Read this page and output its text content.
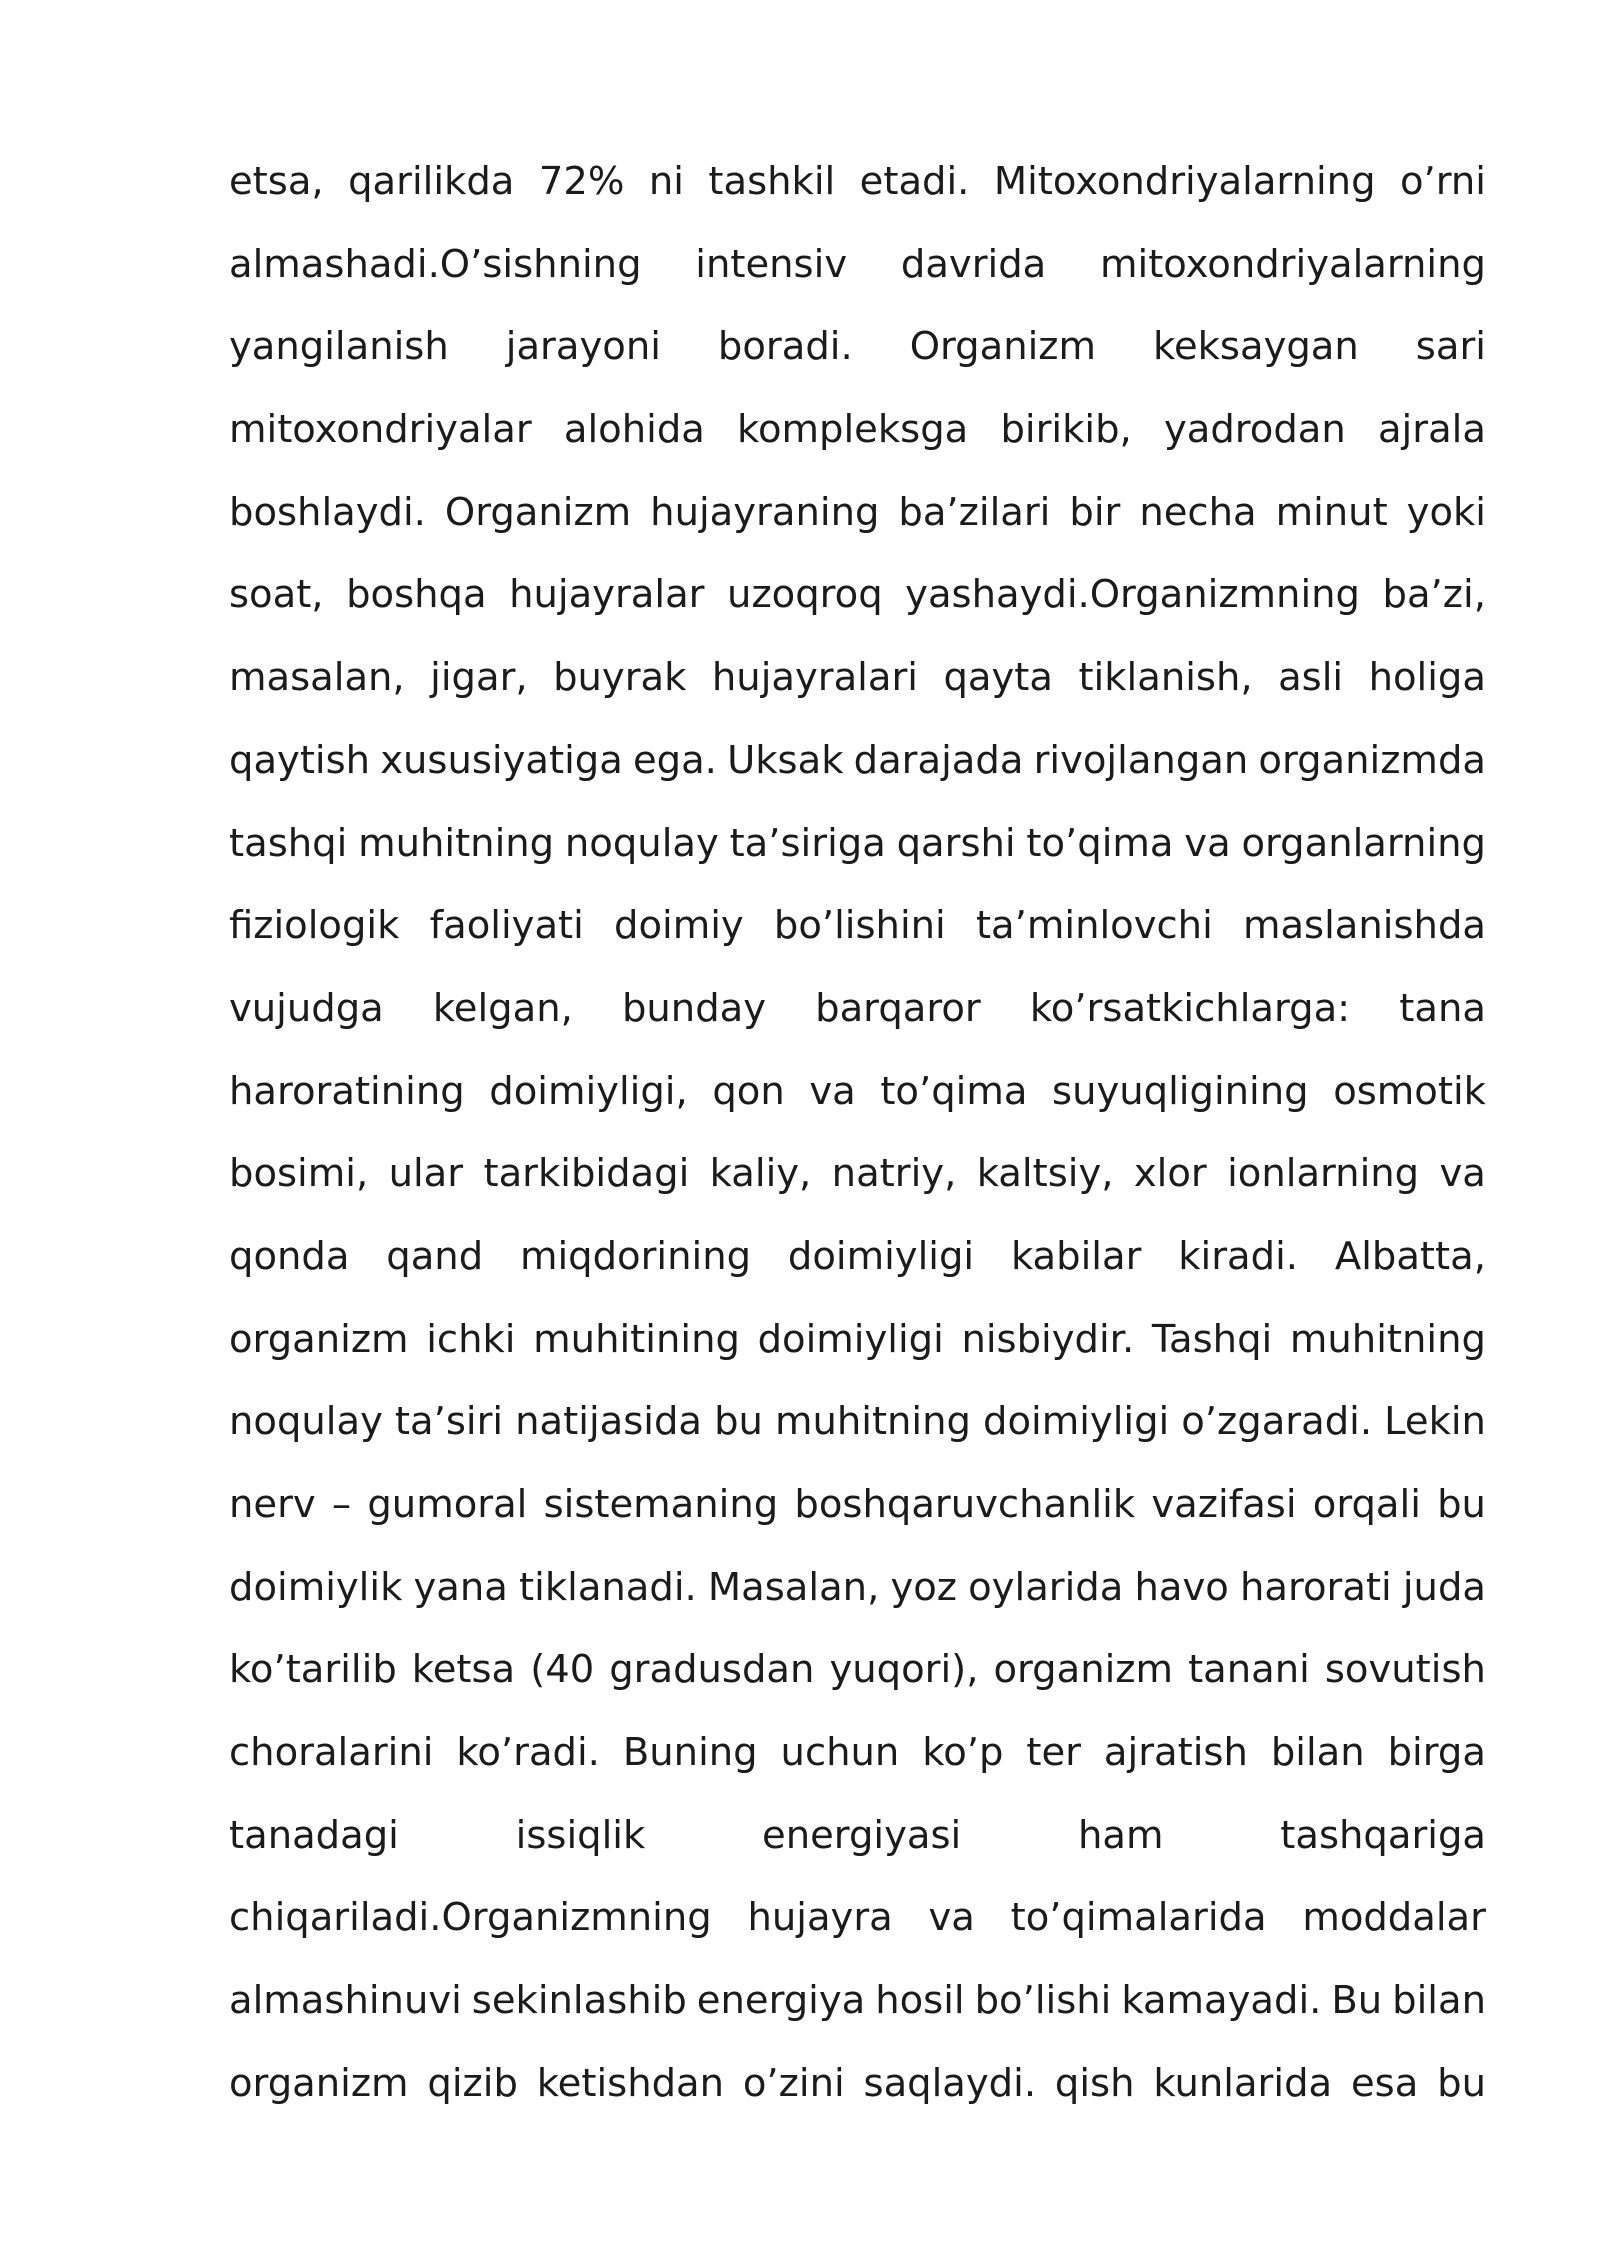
etsa, qarilikda 72% ni tashkil etadi. Mitoxondriyalarning o’rni
almashadi.O’sishning intensiv davrida mitoxondriyalarning
yangilanish jarayoni boradi. Organizm keksaygan sari
mitoxondriyalar alohida kompleksga birikib, yadrodan ajrala
boshlaydi. Organizm hujayraning ba’zilari bir necha minut yoki
soat, boshqa hujayralar uzoqroq yashaydi.Organizmning ba’zi,
masalan, jigar, buyrak hujayralari qayta tiklanish, asli holiga
qaytish xususiyatiga ega. Uksak darajada rivojlangan organizmda
tashqi muhitning noqulay ta’siriga qarshi to’qima va organlarning
fiziologik faoliyati doimiy bo’lishini ta’minlovchi maslanishda
vujudga kelgan, bunday barqaror ko’rsatkichlarga: tana
haroratining doimiyligi, qon va to’qima suyuqligining osmotik
bosimi, ular tarkibidagi kaliy, natriy, kaltsiy, xlor ionlarning va
qonda qand miqdorining doimiyligi kabilar kiradi. Albatta,
organizm ichki muhitining doimiyligi nisbiydir. Tashqi muhitning
noqulay ta’siri natijasida bu muhitning doimiyligi o’zgaradi. Lekin
nerv – gumoral sistemaning boshqaruvchanlik vazifasi orqali bu
doimiylik yana tiklanadi. Masalan, yoz oylarida havo harorati juda
ko’tarilib ketsa (40 gradusdan yuqori), organizm tanani sovutish
choralarini ko’radi. Buning uchun ko’p ter ajratish bilan birga
tanadagi	issiqlik	energiyasi	ham	tashqariga
chiqariladi.Organizmning hujayra va to’qimalarida moddalar
almashinuvi sekinlashib energiya hosil bo’lishi kamayadi. Bu bilan
organizm qizib ketishdan o’zini saqlaydi. qish kunlarida esa bu
